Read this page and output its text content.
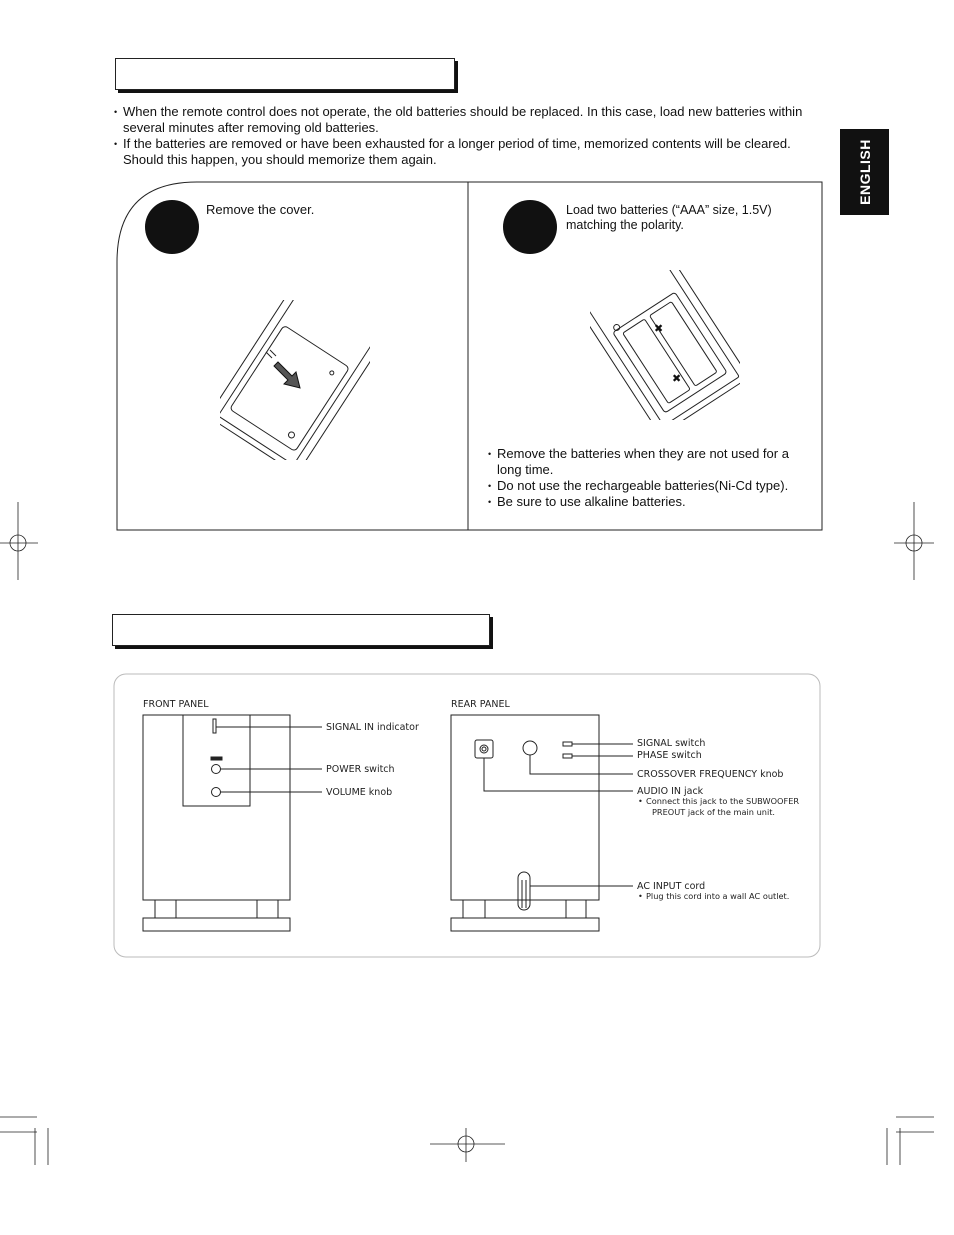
• When the remote control does not operate, the old batteries should be replaced. In this case, load new batteries within several minutes after removing old batteries.
• If the batteries are removed or have been exhausted for a longer period of time, memorized contents will be cleared. Should this happen, you should memorize them again.	ENGLISH
Remove the cover.	Load two batteries (“AAA” size, 1.5V) matching the polarity.
✖
✖
• Remove the batteries when they are not used for a long time.
• Do not use the rechargeable batteries(Ni-Cd type).
• Be sure to use alkaline batteries.
FRONT PANEL
SIGNAL IN indicator
POWER switch
VOLUME knob
REAR PANEL
SIGNAL switch
PHASE switch
CROSSOVER FREQUENCY knob
AUDIO IN jack
• Connect this jack to the SUBWOOFER
PREOUT jack of the main unit.
AC INPUT cord
• Plug this cord into a wall AC outlet.
